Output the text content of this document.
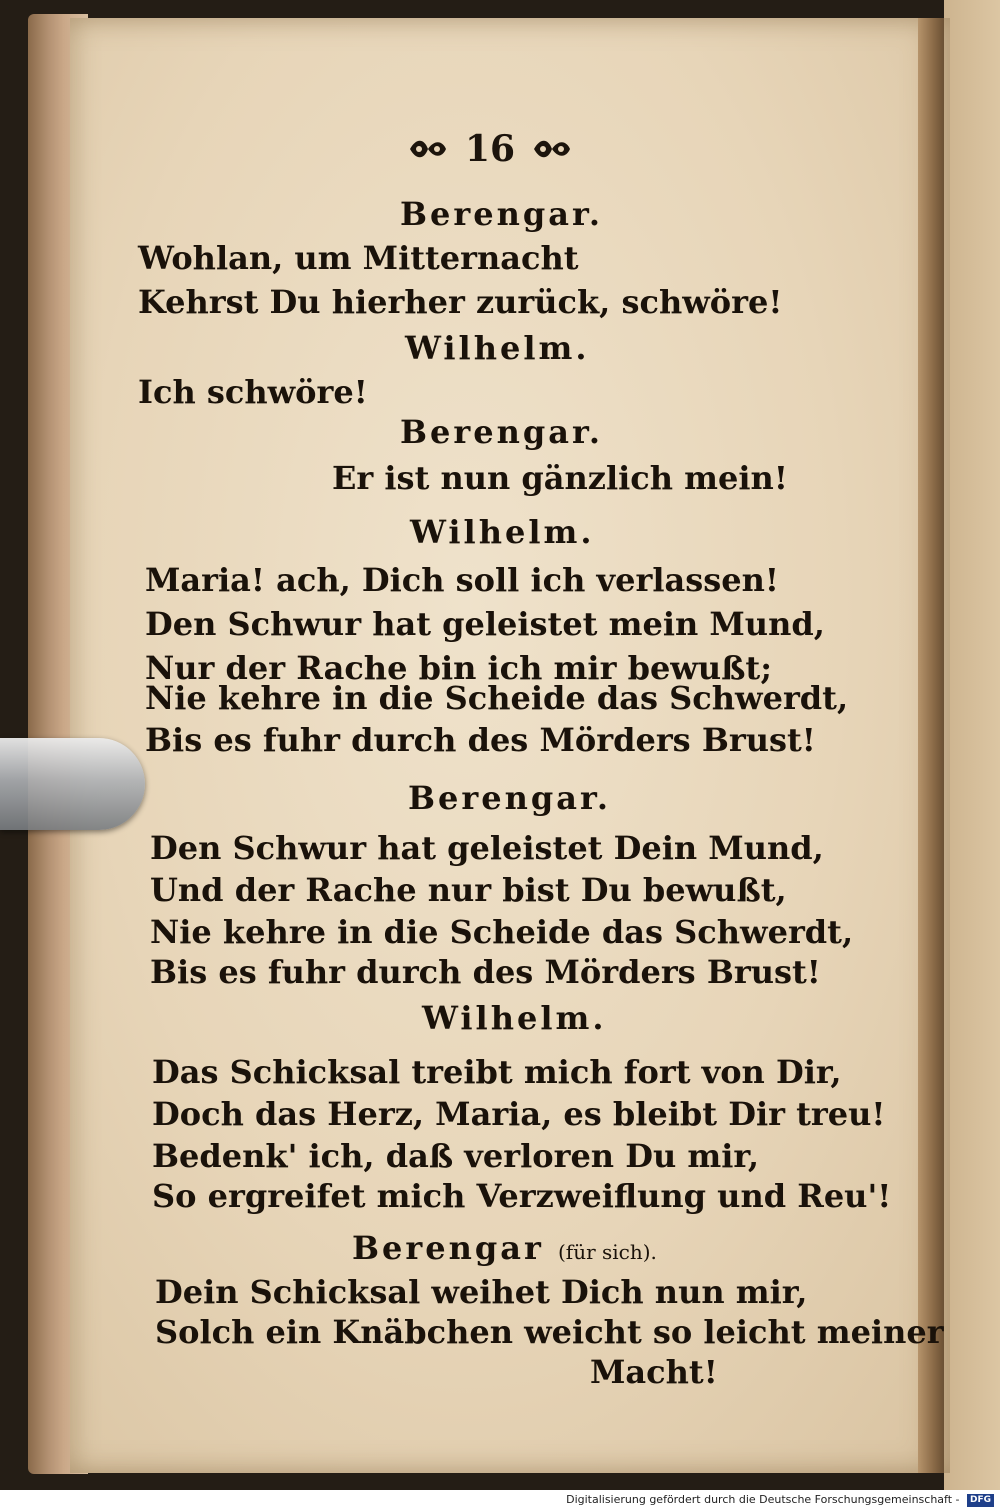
16
Berengar.
Wohlan, um Mitternacht
Kehrst Du hierher zurück, schwöre!
Wilhelm.
Ich schwöre!
Berengar.
Er ist nun gänzlich mein!
Wilhelm.
Maria! ach, Dich soll ich verlassen!
Den Schwur hat geleistet mein Mund,
Nur der Rache bin ich mir bewußt;
Nie kehre in die Scheide das Schwerdt,
Bis es fuhr durch des Mörders Brust!
Berengar.
Den Schwur hat geleistet Dein Mund,
Und der Rache nur bist Du bewußt,
Nie kehre in die Scheide das Schwerdt,
Bis es fuhr durch des Mörders Brust!
Wilhelm.
Das Schicksal treibt mich fort von Dir,
Doch das Herz, Maria, es bleibt Dir treu!
Bedenk' ich, daß verloren Du mir,
So ergreifet mich Verzweiflung und Reu'!
Berengar (für sich).
Dein Schicksal weihet Dich nun mir,
Solch ein Knäbchen weicht so leicht meiner
Macht!
Digitalisierung gefördert durch die Deutsche Forschungsgemeinschaft - DFG
